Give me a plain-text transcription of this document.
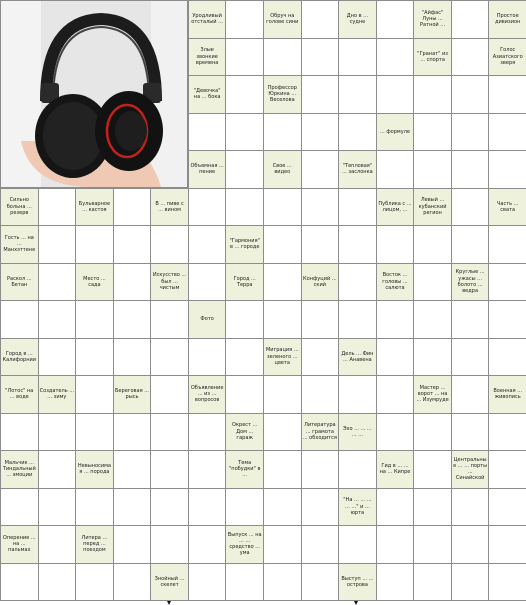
Уродливый отсталый ...
Обруч на голове сини
Дно в ... судне
"Айфас" Луны ... Ратной ...
Простое дивизион
Злые звонкие времена
"Гранат" из ... спорта
Голос Азиатского зверя
"Девочка" на ... бока
Профессор Юркина ... Веселова
... формуле
Объемная ... пение
Свое ... видео
"Тепловая" ... заслонка
Сильно больна ... резерв
Бульварное ... кастоя
В ... пиве с ... вином
Публика с ... лицом, ...
Левый ... кубанский регион
Часть ... свата
Гость ... на ... Манхэттене
"Гармония" в ... городе
Раскол ... Бетан
Место ... сада
Искусство ... был ... чистым
Город ... Терра
Конфуций ... ский
Восток ... головы ... салюта
Круглые ... ужасы ... болото ... ведра
Фото
Город в ... Калифорнии
Миграция ... зеленого ... цвета
Дель ... Фин ... Анавена
"Лотос" на ... воде
Создатель ... ... зиму
Береговая ... рысь
Объявление ... из ... вопросов
Мастер ... ворот ... на ... Изумруде
Военная ... живопись
Окрест ... Дом ... гараж
Литература ... грамота ... обходится
Эхо ... ... ... ... ...
Мальчик ... Тиндальный ... эмоции
Невыносимая ... порода
Тема "побудки" в ...
Гид в ... ... на ... Кипре
Центральные ... ... порты ... Синайской
"На ... ... ... ... ..." и ... юрта
Оперение ... на ... пальмах
Литера ... перед ... поездом
Выпуск ... на ... ... средство ... ума
Знойный ... скелет
Выступ ... ... острова
